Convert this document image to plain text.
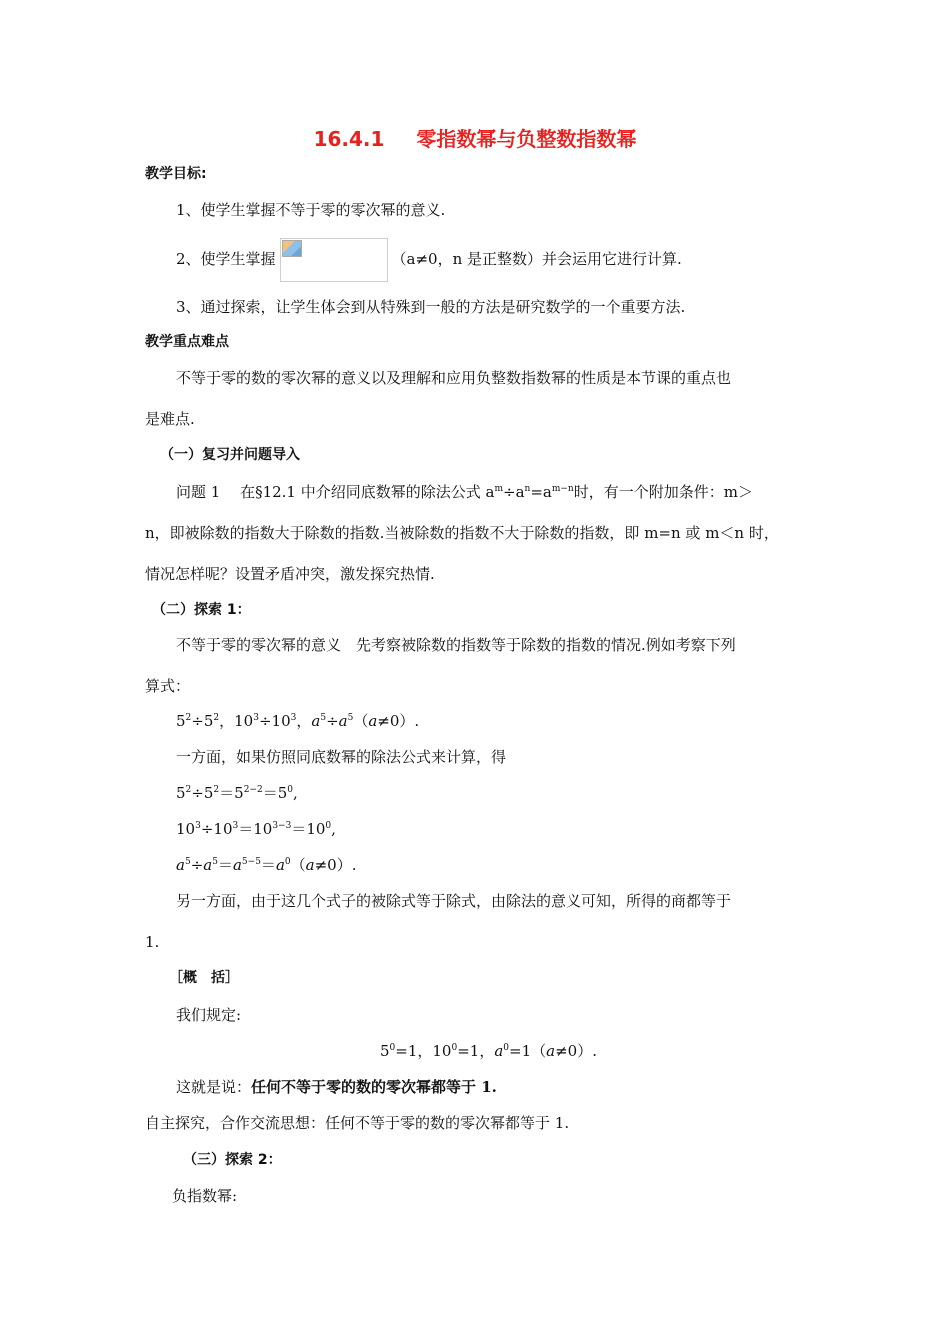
16.4.1 零指数幂与负整数指数幂
教学目标:
1、使学生掌握不等于零的零次幂的意义.
2、使学生掌握	（a≠0，n 是正整数）并会运用它进行计算.
3、通过探索，让学生体会到从特殊到一般的方法是研究数学的一个重要方法.
教学重点难点
不等于零的数的零次幂的意义以及理解和应用负整数指数幂的性质是本节课的重点也
是难点.
（一）复习并问题导入
问题 1　 在§12.1 中介绍同底数幂的除法公式 $a^m\div a^n=a^{m-n}$时，有一个附加条件：m＞
n，即被除数的指数大于除数的指数.当被除数的指数不大于除数的指数，即 m=n 或 m＜n 时，
情况怎样呢？设置矛盾冲突，激发探究热情.
（二）探索 1：
不等于零的零次幂的意义　先考察被除数的指数等于除数的指数的情况.例如考察下列
算式：
$5^2\div 5^2$，$10^3\div 10^3$，$a^5\div a^5(a\ne 0)$.
一方面，如果仿照同底数幂的除法公式来计算，得
$5^2\div 5^2=5^{2-2}=5^0$,
$10^3\div 10^3=10^{3-3}=10^0$,
$a^5\div a^5=a^{5-5}=a^0(a\ne 0)$.
另一方面，由于这几个式子的被除式等于除式，由除法的意义可知，所得的商都等于
1.
［概　括］
我们规定:
$5^0=1$，$10^0=1$，$a^0=1(a\ne 0)$.
这就是说：任何不等于零的数的零次幂都等于 1.
自主探究，合作交流思想：任何不等于零的数的零次幂都等于 1.
（三）探索 2：
负指数幂:
